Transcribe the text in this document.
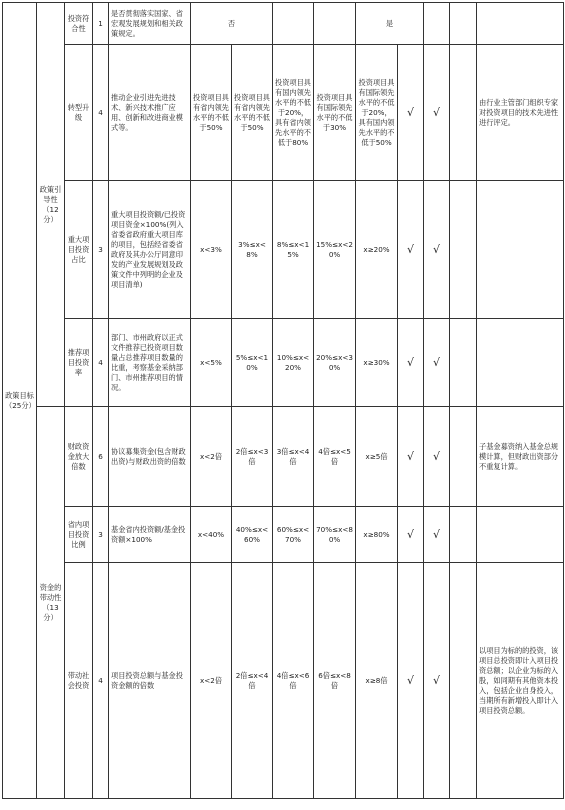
政策目标（25分）	政策引导性（12分）	投资符合性	1	是否贯彻落实国家、省宏观发展规划和相关政策规定。	否				是				
		转型升级	4	推动企业引进先进技术、新兴技术推广应用、创新和改进商业模式等。	投资项目具有省内领先水平的不低于50%	投资项目具有省内领先水平的不低于50%	投资项目具有国内领先水平的不低于20%，具有省内领先水平的不低于80%	投资项目具有国际领先水平的不低于30%	投资项目具有国际领先水平的不低于20%，具有国内领先水平的不低于50%	√	√		由行业主管部门组织专家对投资项目的技术先进性进行评定。
		重大项目投资占比	3	重大项目投资额/已投资项目资金×100%(列入省委省政府重大项目库的项目，包括经省委省政府及其办公厅同意印发的产业发展规划及政策文件中列明的企业及项目清单)	x<3%	3%≤x<8%	8%≤x<15%	15%≤x<20%	x≥20%	√	√		
		推荐项目投资率	4	部门、市州政府以正式文件推荐已投资项目数量占总推荐项目数量的比重，考察基金采纳部门、市州推荐项目的情况。	x<5%	5%≤x<10%	10%≤x<20%	20%≤x<30%	x≥30%	√	√		
	资金的带动性（13分）	财政资金放大倍数	6	协议募集资金(包含财政出资)与财政出资的倍数	x<2倍	2倍≤x<3倍	3倍≤x<4倍	4倍≤x<5倍	x≥5倍	√	√		子基金募资纳入基金总规模计算，但财政出资部分不重复计算。
		省内项目投资比例	3	基金省内投资额/基金投资额×100%	x<40%	40%≤x<60%	60%≤x<70%	70%≤x<80%	x≥80%	√	√		
		带动社会投资	4	项目投资总额与基金投资金额的倍数	x<2倍	2倍≤x<4倍	4倍≤x<6倍	6倍≤x<8倍	x≥8倍	√	√		以项目为标的的投资，该项目总投资即计入项目投资总额；以企业为标的入股，如同期有其他资本投入，包括企业自身投入，当期所有新增投入即计入项目投资总额。
